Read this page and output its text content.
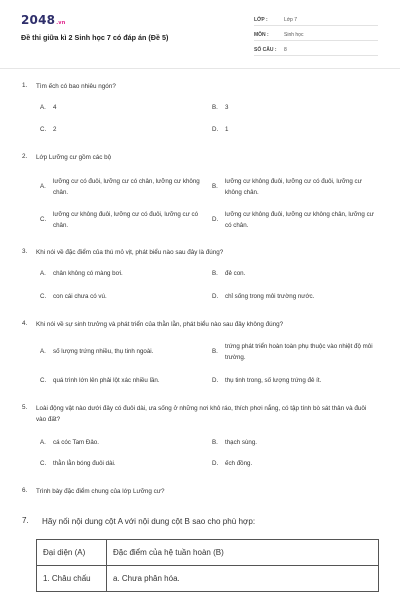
2048.vn
Đề thi giữa kì 2 Sinh học 7 có đáp án (Đề 5)
LỚP :	Lớp 7
MÔN :	Sinh học
SỐ CÂU : 8
1. Tìm ếch có bao nhiêu ngón?
A. 4	B. 3
C. 2	D. 1
2. Lớp Lưỡng cư gồm các bộ
A.
lưỡng cư có đuôi, lưỡng cư có chân, lưỡng cư không chân.
B.
lưỡng cư không đuôi, lưỡng cư có đuôi, lưỡng cư không chân.
C.
lưỡng cư không đuôi, lưỡng cư có đuôi, lưỡng cư có chân.
D.
lưỡng cư không đuôi, lưỡng cư không chân, lưỡng cư có chân.
3. Khi nói về đặc điểm của thú mỏ vịt, phát biểu nào sau đây là đúng?
A. chân không có màng bơi.	B. đẻ con.
C. con cái chưa có vú.	D. chỉ sống trong môi trường nước.
4. Khi nói về sự sinh trưởng và phát triển của thằn lằn, phát biểu nào sau đây không đúng?
A. số lượng trứng nhiều, thụ tinh ngoài.	B.
trứng phát triển hoàn toàn phụ thuộc vào nhiệt độ môi trường.
C. quá trình lớn lên phải lột xác nhiều lần.	D. thụ tinh trong, số lượng trứng đẻ ít.
5. Loài động vật nào dưới đây có đuôi dài, ưa sống ở những nơi khô ráo, thích phơi nắng, có tập tính bò sát thân và đuôi vào đất?
A. cá cóc Tam Đảo.	B. thạch sùng.
C. thằn lằn bóng đuôi dài.	D. ếch đồng.
6. Trình bày đặc điểm chung của lớp Lưỡng cư?
7. Hãy nối nội dung cột A với nội dung cột B sao cho phù hợp:
Đại diện (A)	Đặc điểm của hệ tuần hoàn (B)
1. Châu chấu	a. Chưa phân hóa.
